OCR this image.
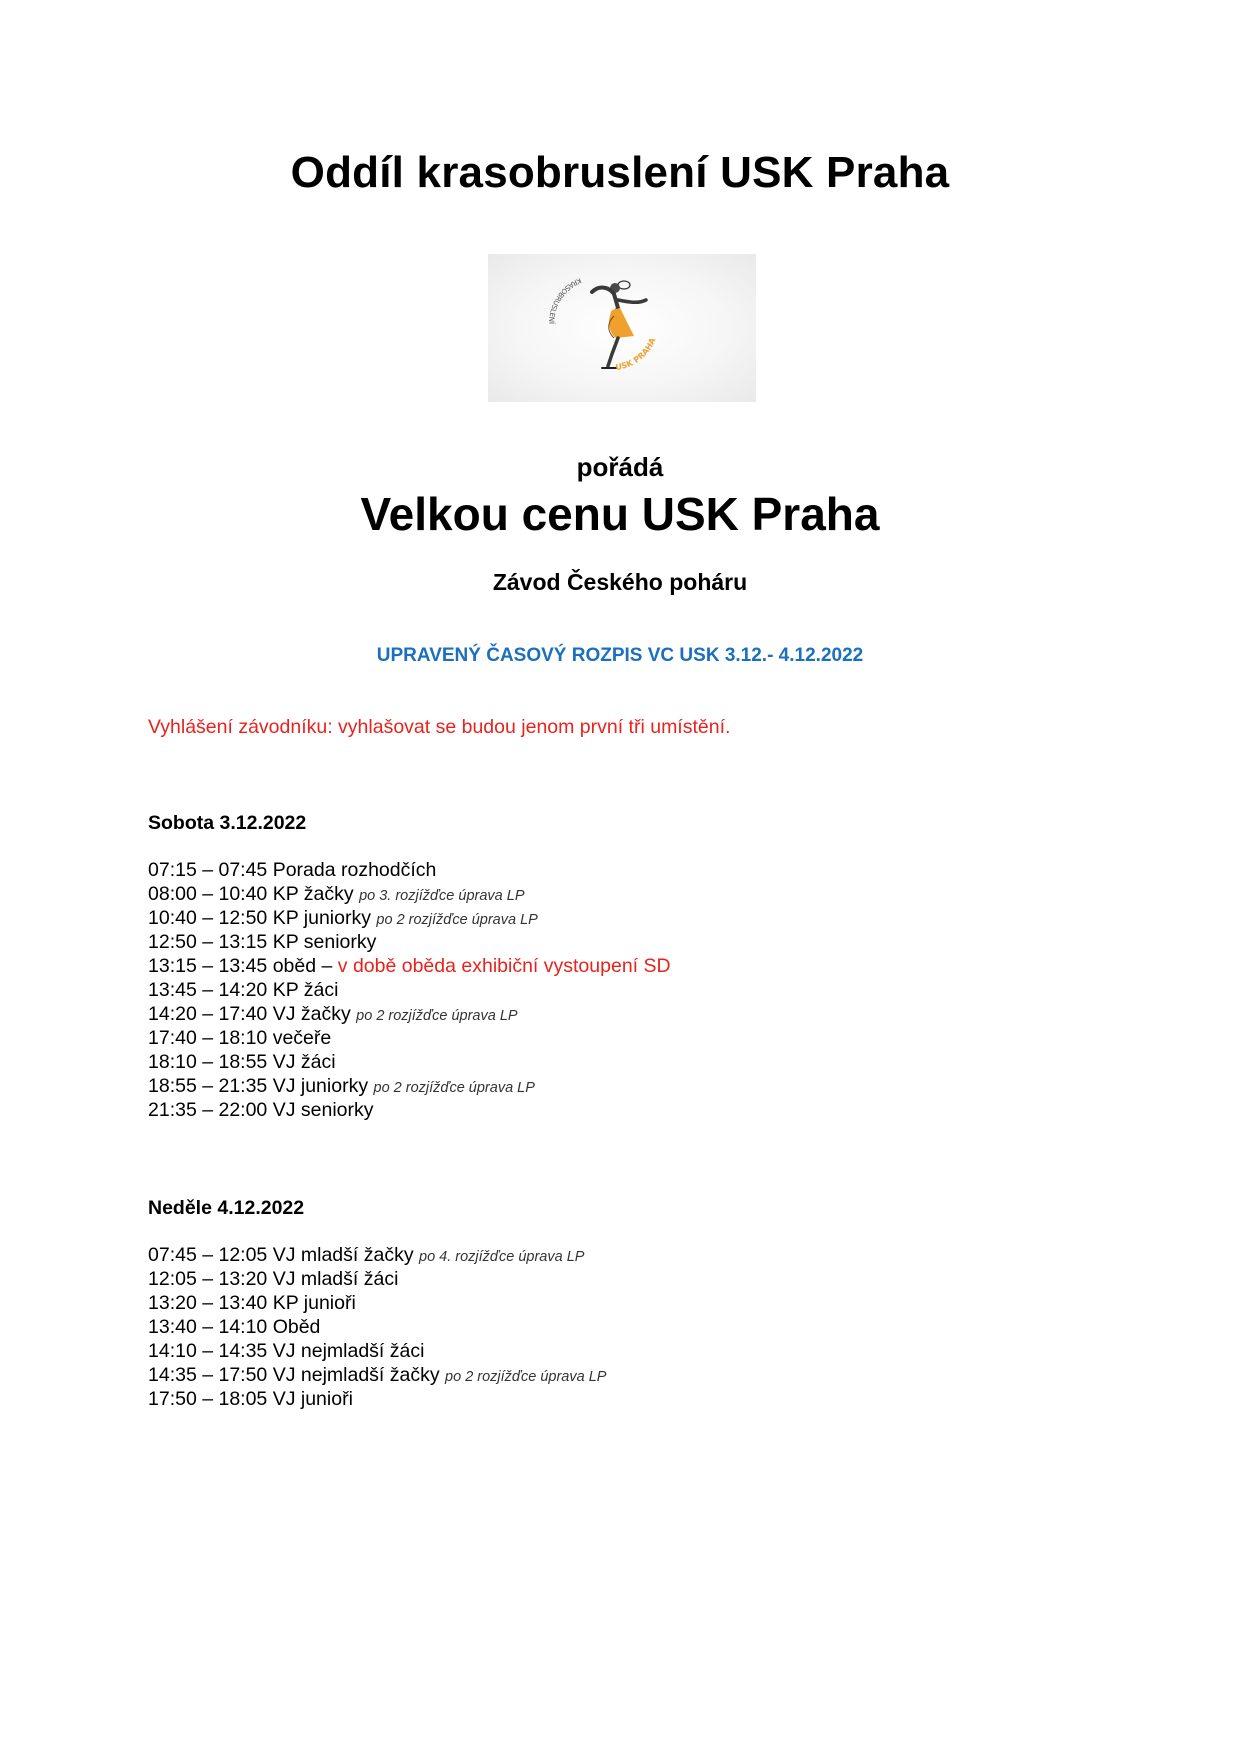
Oddíl krasobruslení USK Praha
KRASOBRUSLENÍ
USK PRAHA
pořádá
Velkou cenu USK Praha
Závod Českého poháru
UPRAVENÝ ČASOVÝ ROZPIS VC USK 3.12.- 4.12.2022
Vyhlášení závodníku: vyhlašovat se budou jenom první tři umístění.
Sobota 3.12.2022
07:15 – 07:45 Porada rozhodčích
08:00 – 10:40 KP žačky po 3. rozjížďce úprava LP
10:40 – 12:50 KP juniorky po 2 rozjížďce úprava LP
12:50 – 13:15 KP seniorky
13:15 – 13:45 oběd – v době oběda exhibiční vystoupení SD
13:45 – 14:20 KP žáci
14:20 – 17:40 VJ žačky po 2 rozjížďce úprava LP
17:40 – 18:10 večeře
18:10 – 18:55 VJ žáci
18:55 – 21:35 VJ juniorky po 2 rozjížďce úprava LP
21:35 – 22:00 VJ seniorky
Neděle 4.12.2022
07:45 – 12:05 VJ mladší žačky po 4. rozjížďce úprava LP
12:05 – 13:20 VJ mladší žáci
13:20 – 13:40 KP junioři
13:40 – 14:10 Oběd
14:10 – 14:35 VJ nejmladší žáci
14:35 – 17:50 VJ nejmladší žačky po 2 rozjížďce úprava LP
17:50 – 18:05 VJ junioři
